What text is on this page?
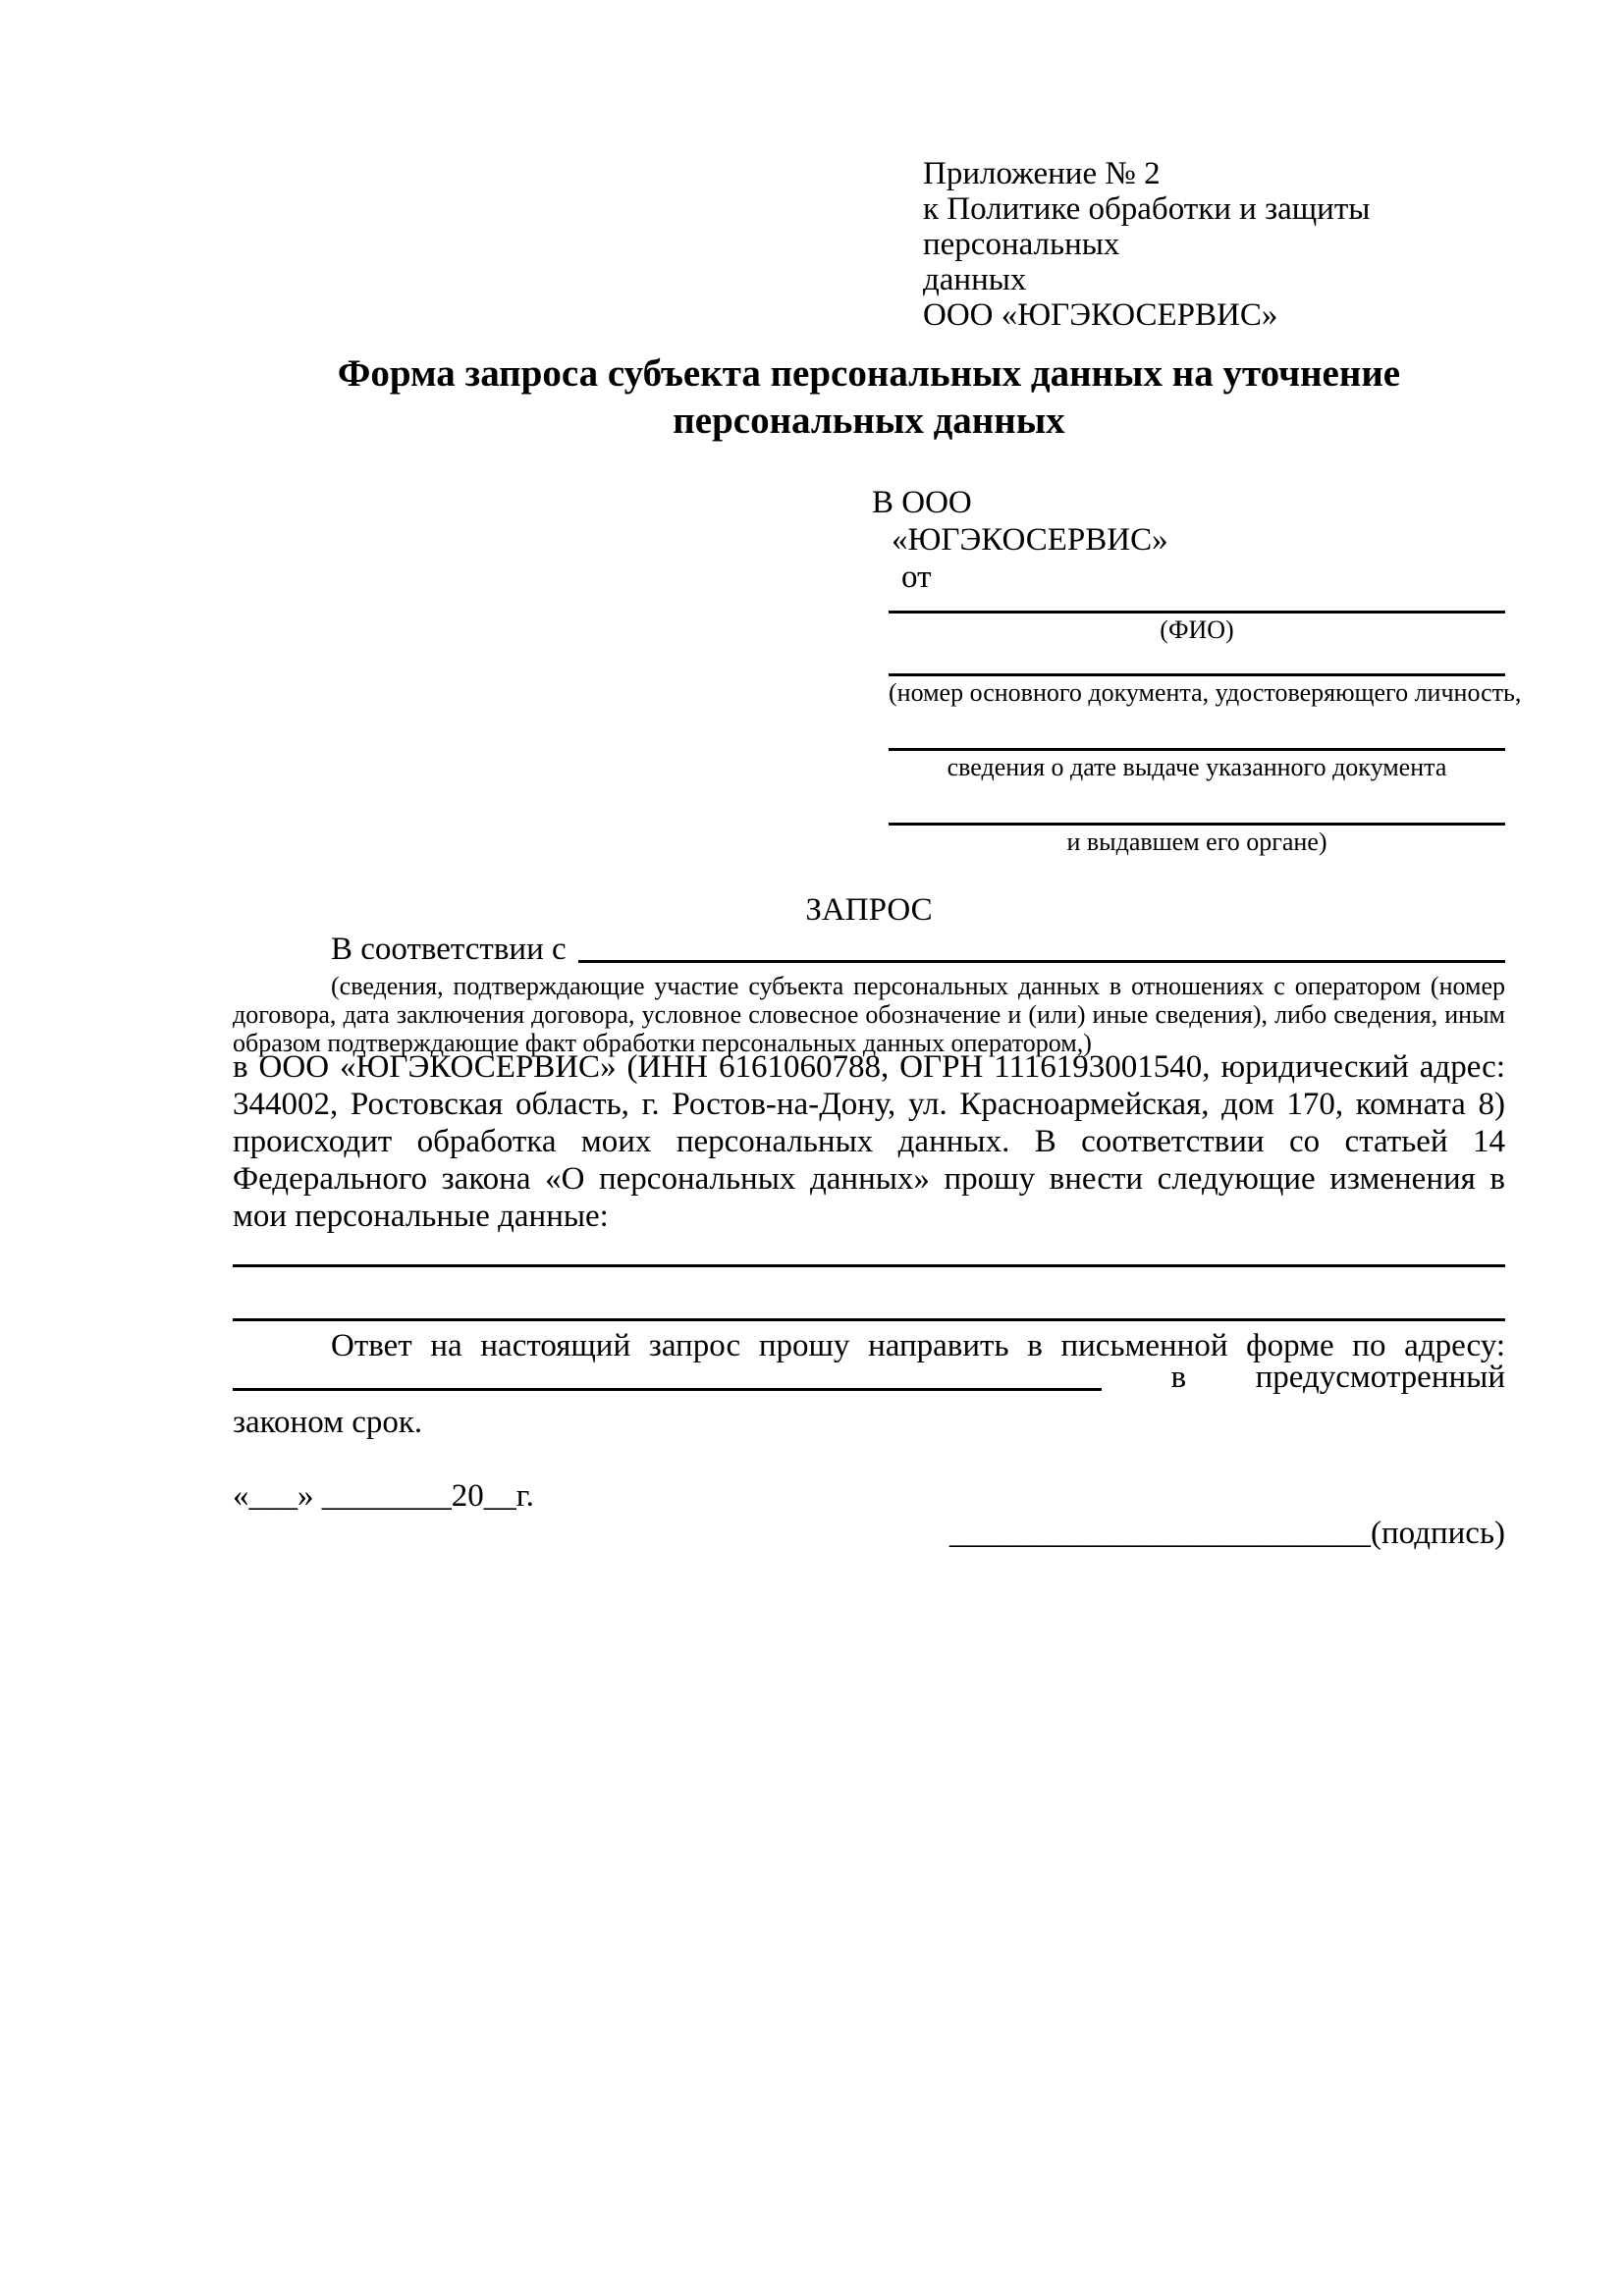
Приложение № 2
к Политике обработки и защиты персональных
данных
ООО «ЮГЭКОСЕРВИС»
Форма запроса субъекта персональных данных на уточнение
персональных данных
В ООО
«ЮГЭКОСЕРВИС»
от
(ФИО)
(номер основного документа, удостоверяющего личность,
сведения о дате выдаче указанного документа
и выдавшем его органе)
ЗАПРОС
В соответствии с
(сведения, подтверждающие участие субъекта персональных данных в отношениях с оператором (номер договора, дата заключения договора, условное словесное обозначение и (или) иные сведения), либо сведения, иным образом подтверждающие факт обработки персональных данных оператором,)
в ООО «ЮГЭКОСЕРВИС» (ИНН 6161060788, ОГРН 1116193001540, юридический адрес: 344002, Ростовская область, г. Ростов-на-Дону, ул. Красноармейская, дом 170, комната 8) происходит обработка моих персональных данных. В соответствии со статьей 14 Федерального закона «О персональных данных» прошу внести следующие изменения в мои персональные данные:
Ответ на настоящий запрос прошу направить в письменной форме по адресу:
в предусмотренный
законом срок.
«___» ________20__г.

__________________________(подпись)
